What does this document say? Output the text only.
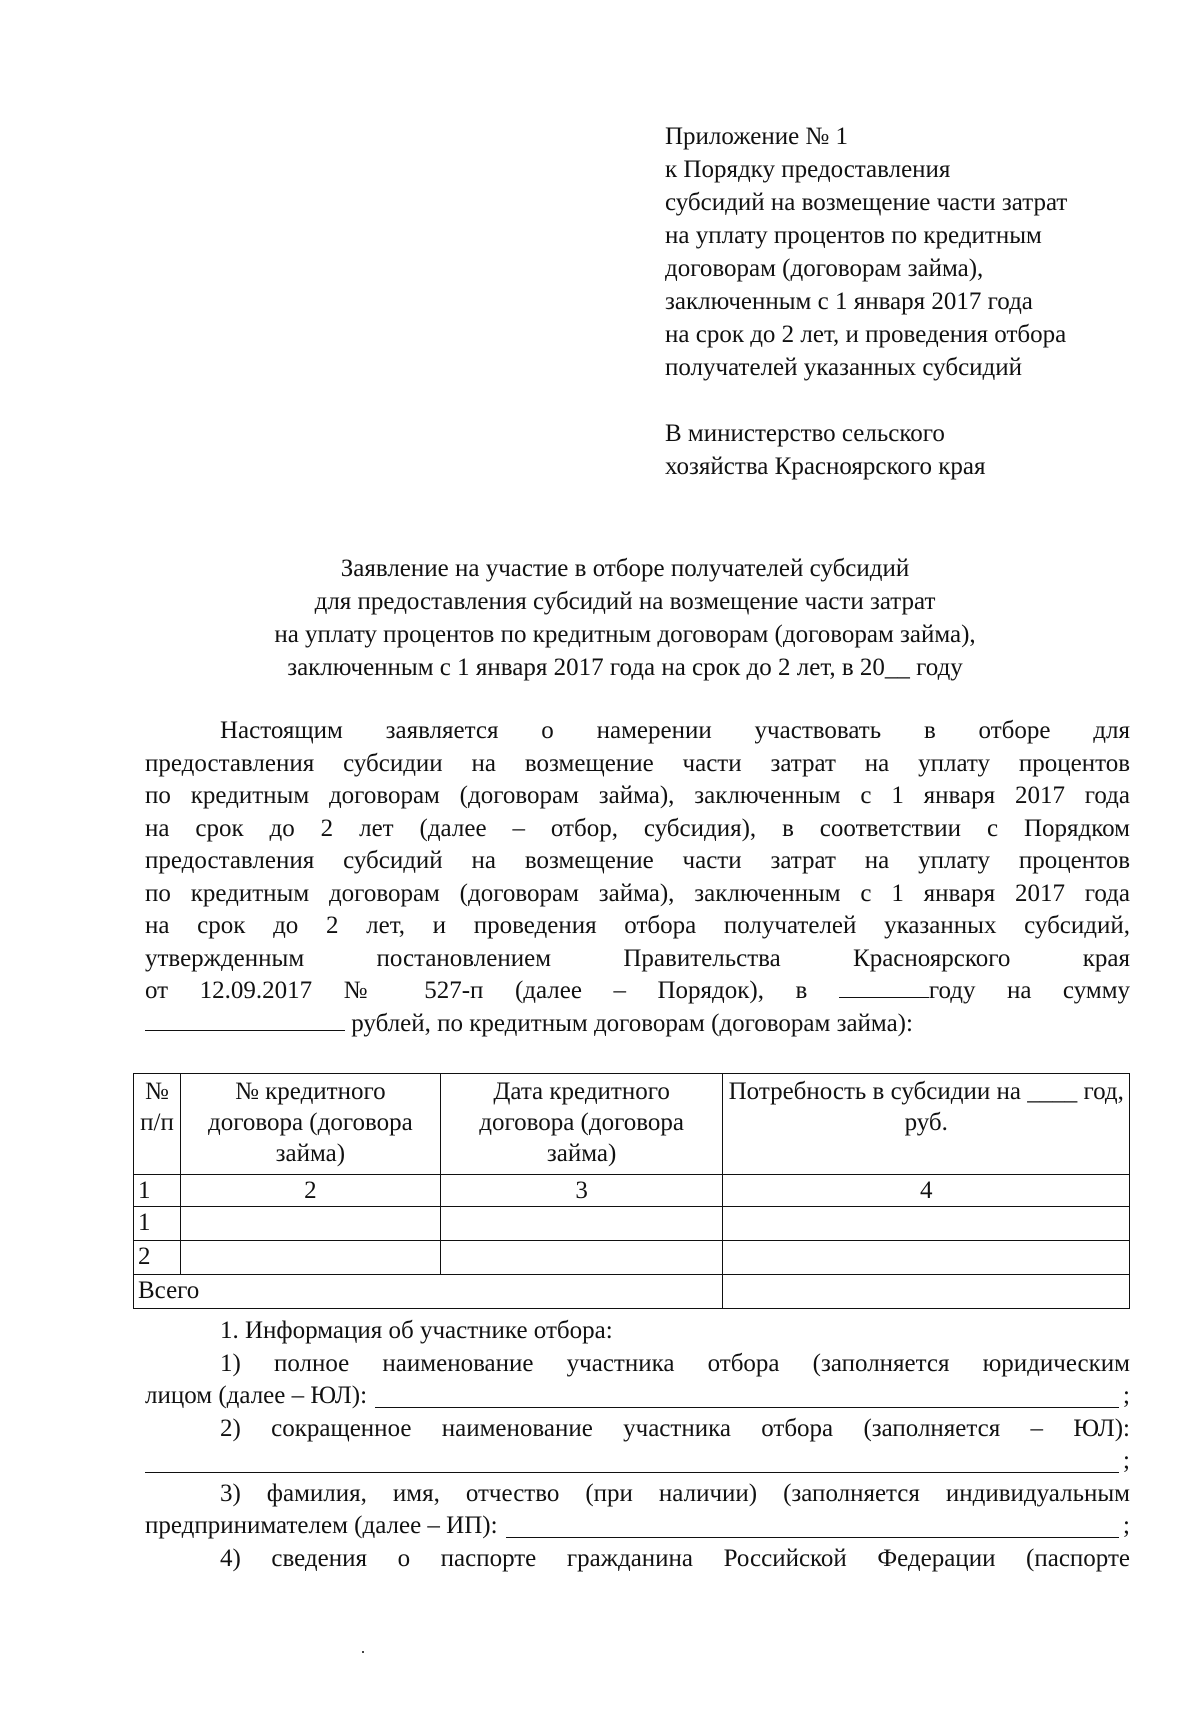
Приложение № 1
к Порядку предоставления
субсидий на возмещение части затрат
на уплату процентов по кредитным
договорам (договорам займа),
заключенным с 1 января 2017 года
на срок до 2 лет, и проведения отбора
получателей указанных субсидий
В министерство сельского
хозяйства Красноярского края
Заявление на участие в отборе получателей субсидий
для предоставления субсидий на возмещение части затрат
на уплату процентов по кредитным договорам (договорам займа),
заключенным с 1 января 2017 года на срок до 2 лет, в 20__ году
Настоящим заявляется о намерении участвовать в отборе для
предоставления субсидии на возмещение части затрат на уплату процентов
по кредитным договорам (договорам займа), заключенным с 1 января 2017 года
на срок до 2 лет (далее – отбор, субсидия), в соответствии с Порядком
предоставления субсидий на возмещение части затрат на уплату процентов
по кредитным договорам (договорам займа), заключенным с 1 января 2017 года
на срок до 2 лет, и проведения отбора получателей указанных субсидий,
утвержденным постановлением Правительства Красноярского края
от 12.09.2017 № 527-п (далее – Порядок), в	году на сумму
рублей, по кредитным договорам (договорам займа):
№ п/п	№ кредитного договора (договора займа)	Дата кредитного договора (договора займа)	Потребность в субсидии на ____ год, руб.
1	2	3	4
1			
2			
Всего			
1. Информация об участнике отбора:
1) полное наименование участника отбора (заполняется юридическим
лицом (далее – ЮЛ):	;
2) сокращенное наименование участника отбора (заполняется – ЮЛ):
;
3) фамилия, имя, отчество (при наличии) (заполняется индивидуальным
предпринимателем (далее – ИП):	;
4) сведения о паспорте гражданина Российской Федерации (паспорте
